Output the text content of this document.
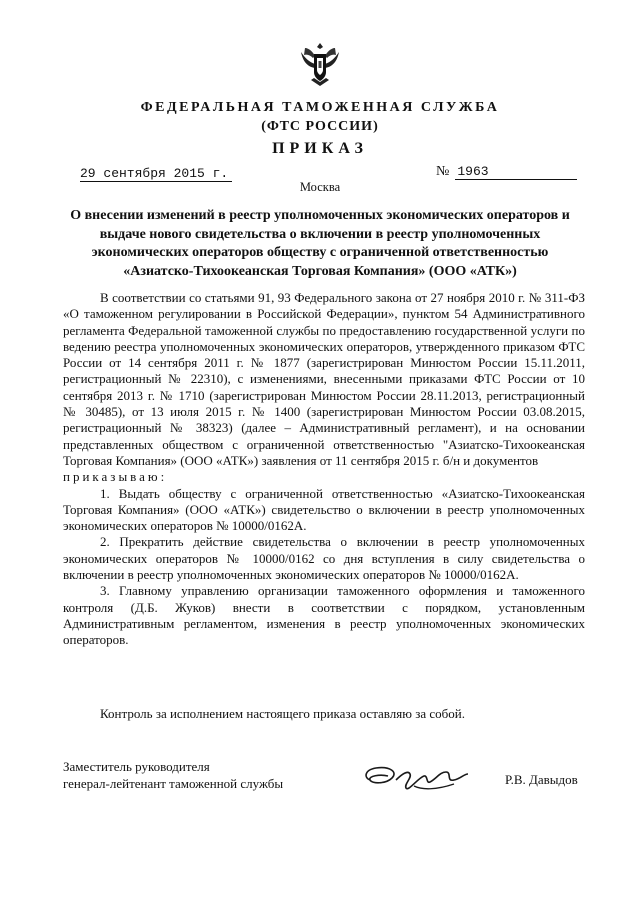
ФЕДЕРАЛЬНАЯ ТАМОЖЕННАЯ СЛУЖБА
(ФТС РОССИИ)
ПРИКАЗ
29 сентября 2015 г.	№ 1963
Москва
О внесении изменений в реестр уполномоченных экономических операторов и выдаче нового свидетельства о включении в реестр уполномоченных экономических операторов обществу с ограниченной ответственностью «Азиатско-Тихоокеанская Торговая Компания» (ООО «АТК»)

В соответствии со статьями 91, 93 Федерального закона от 27 ноября 2010 г. № 311-ФЗ «О таможенном регулировании в Российской Федерации», пунктом 54 Административного регламента Федеральной таможенной службы по предоставлению государственной услуги по ведению реестра уполномоченных экономических операторов, утвержденного приказом ФТС России от 14 сентября 2011 г. № 1877 (зарегистрирован Минюстом России 15.11.2011, регистрационный № 22310), с изменениями, внесенными приказами ФТС России от 10 сентября 2013 г. № 1710 (зарегистрирован Минюстом России 28.11.2013, регистрационный № 30485), от 13 июля 2015 г. № 1400 (зарегистрирован Минюстом России 03.08.2015, регистрационный № 38323) (далее – Административный регламент), и на основании представленных обществом с ограниченной ответственностью "Азиатско-Тихоокеанская Торговая Компания» (ООО «АТК») заявления от 11 сентября 2015 г. б/н и документов

приказываю:

1. Выдать обществу с ограниченной ответственностью «Азиатско-Тихоокеанская Торговая Компания» (ООО «АТК») свидетельство о включении в реестр уполномоченных экономических операторов № 10000/0162А.

2. Прекратить действие свидетельства о включении в реестр уполномоченных экономических операторов № 10000/0162 со дня вступления в силу свидетельства о включении в реестр уполномоченных экономических операторов № 10000/0162А.

3. Главному управлению организации таможенного оформления и таможенного контроля (Д.Б. Жуков) внести в соответствии с порядком, установленным Административным регламентом, изменения в реестр уполномоченных экономических операторов.

Контроль за исполнением настоящего приказа оставляю за собой.
Заместитель руководителя
генерал-лейтенант таможенной службы	Р.В. Давыдов
